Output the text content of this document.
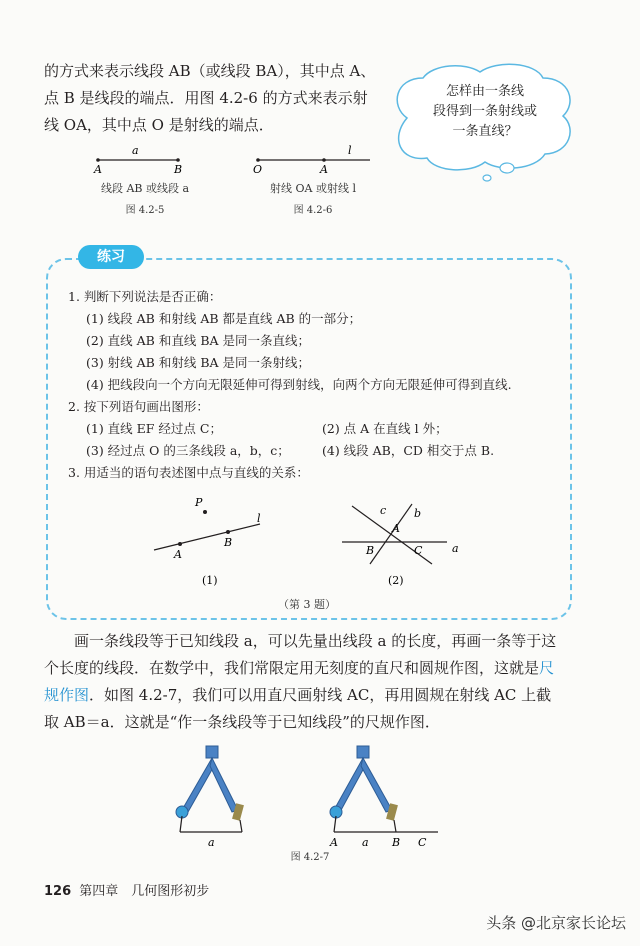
的方式来表示线段 AB（或线段 BA），其中点 A、

点 B 是线段的端点．用图 4.2-6 的方式来表示射

线 OA，其中点 O 是射线的端点．

怎样由一条线
段得到一条射线或
一条直线？
a
A	B
线段 AB 或线段 a
图 4.2-5
l
O	A
射线 OA 或射线 l
图 4.2-6
练习
1. 判断下列说法是否正确：
(1) 线段 AB 和射线 AB 都是直线 AB 的一部分；
(2) 直线 AB 和直线 BA 是同一条直线；
(3) 射线 AB 和射线 BA 是同一条射线；
(4) 把线段向一个方向无限延伸可得到射线，向两个方向无限延伸可得到直线.
2. 按下列语句画出图形：
(1) 直线 EF 经过点 C；	(2) 点 A 在直线 l 外；
(3) 经过点 O 的三条线段 a，b，c；	(4) 线段 AB，CD 相交于点 B.
3. 用适当的语句表述图中点与直线的关系：
P
A
B
l
(1)
c	b
A
B	C	a
(2)
（第 3 题）

画一条线段等于已知线段 a，可以先量出线段 a 的长度，再画一条等于这

个长度的线段．在数学中，我们常限定用无刻度的直尺和圆规作图，这就是尺

规作图．如图 4.2-7，我们可以用直尺画射线 AC，再用圆规在射线 AC 上截

取 AB＝a．这就是“作一条线段等于已知线段”的尺规作图．

a	A a B C
图 4.2-7
126 第四章　几何图形初步
头条 @北京家长论坛
